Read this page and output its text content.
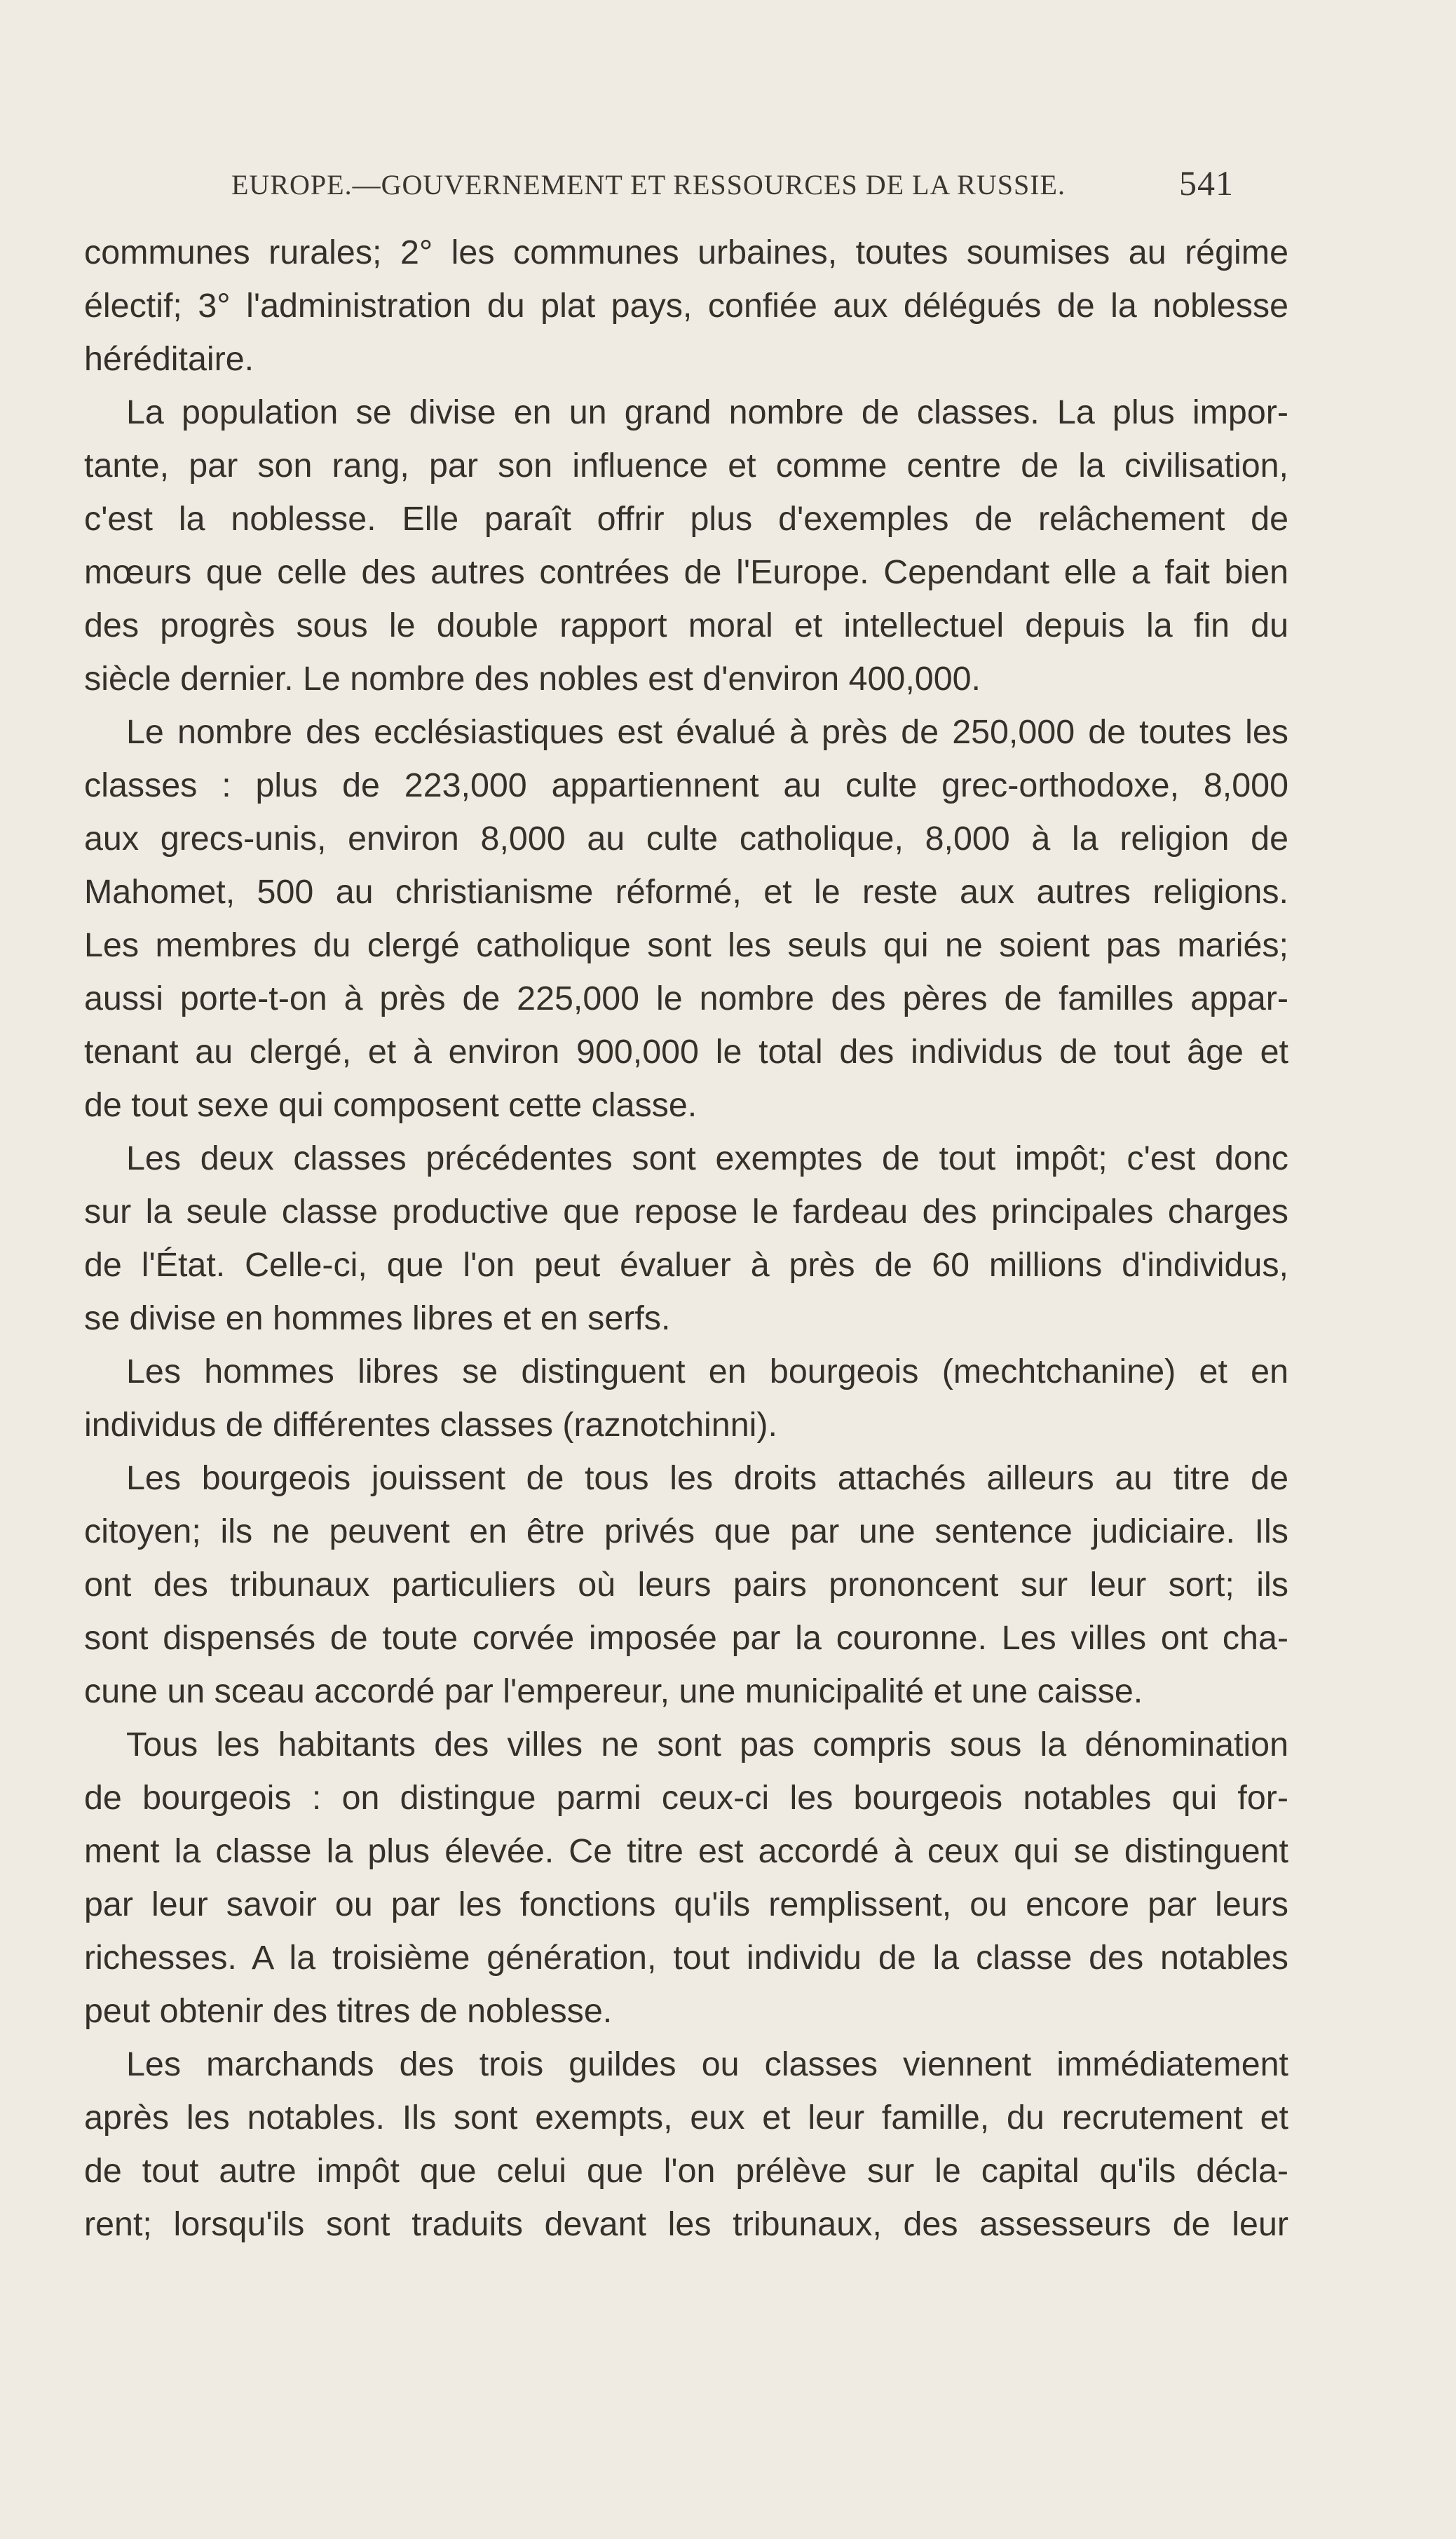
EUROPE.—GOUVERNEMENT ET RESSOURCES DE LA RUSSIE.	541
communes rurales; 2° les communes urbaines, toutes soumises au régime
électif; 3° l'administration du plat pays, confiée aux délégués de la noblesse
héréditaire.
La population se divise en un grand nombre de classes. La plus impor-
tante, par son rang, par son influence et comme centre de la civilisation,
c'est la noblesse. Elle paraît offrir plus d'exemples de relâchement de
mœurs que celle des autres contrées de l'Europe. Cependant elle a fait bien
des progrès sous le double rapport moral et intellectuel depuis la fin du
siècle dernier. Le nombre des nobles est d'environ 400,000.
Le nombre des ecclésiastiques est évalué à près de 250,000 de toutes les
classes : plus de 223,000 appartiennent au culte grec-orthodoxe, 8,000
aux grecs-unis, environ 8,000 au culte catholique, 8,000 à la religion de
Mahomet, 500 au christianisme réformé, et le reste aux autres religions.
Les membres du clergé catholique sont les seuls qui ne soient pas mariés;
aussi porte-t-on à près de 225,000 le nombre des pères de familles appar-
tenant au clergé, et à environ 900,000 le total des individus de tout âge et
de tout sexe qui composent cette classe.
Les deux classes précédentes sont exemptes de tout impôt; c'est donc
sur la seule classe productive que repose le fardeau des principales charges
de l'État. Celle-ci, que l'on peut évaluer à près de 60 millions d'individus,
se divise en hommes libres et en serfs.
Les hommes libres se distinguent en bourgeois (mechtchanine) et en
individus de différentes classes (raznotchinni).
Les bourgeois jouissent de tous les droits attachés ailleurs au titre de
citoyen; ils ne peuvent en être privés que par une sentence judiciaire. Ils
ont des tribunaux particuliers où leurs pairs prononcent sur leur sort; ils
sont dispensés de toute corvée imposée par la couronne. Les villes ont cha-
cune un sceau accordé par l'empereur, une municipalité et une caisse.
Tous les habitants des villes ne sont pas compris sous la dénomination
de bourgeois : on distingue parmi ceux-ci les bourgeois notables qui for-
ment la classe la plus élevée. Ce titre est accordé à ceux qui se distinguent
par leur savoir ou par les fonctions qu'ils remplissent, ou encore par leurs
richesses. A la troisième génération, tout individu de la classe des notables
peut obtenir des titres de noblesse.
Les marchands des trois guildes ou classes viennent immédiatement
après les notables. Ils sont exempts, eux et leur famille, du recrutement et
de tout autre impôt que celui que l'on prélève sur le capital qu'ils décla-
rent; lorsqu'ils sont traduits devant les tribunaux, des assesseurs de leur
